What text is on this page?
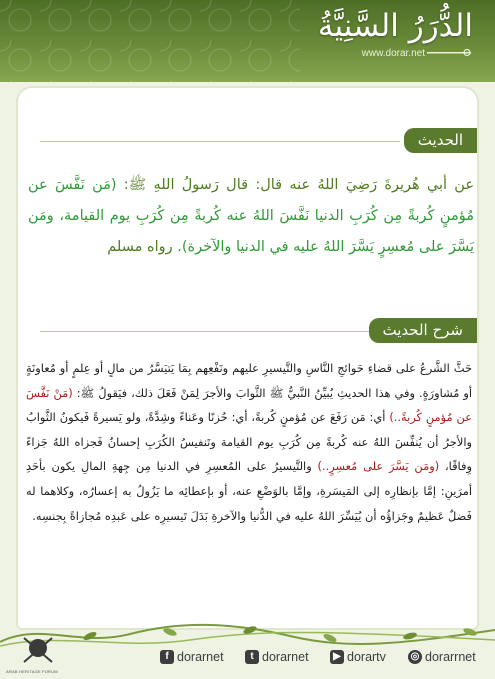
الدُّرَرُ السَّنِيَّةُ
www.dorar.net
الحديث
عن أبي هُريرةَ رَضِيَ اللهُ عنه قال: قال رَسولُ اللهِ ﷺ: (مَن نَفَّسَ عن مُؤمنٍ كُربةً مِن كُرَبِ الدنيا نَفَّسَ اللهُ عنه كُربةً مِن كُرَبِ يوم القيامة، ومَن يَسَّرَ على مُعسِرٍ يَسَّرَ اللهُ عليه في الدنيا والآخرة). رواه مسلم
شرح الحديث
حَثَّ الشَّرعُ على قضاءِ حَوائجِ النَّاسِ والتَّيسيرِ عليهم ونَفْعِهم بِمَا يَتيَسَّرُ من مالٍ أو عِلمٍ أو مُعاونَةٍ أو مُشاورَةٍ. وفي هذا الحديثِ يُبيِّنُ النَّبيُّ ﷺ الثَّوابَ والأجرَ لِمَنْ فَعَلَ ذلك، فيَقولُ ﷺ: (مَنْ نَفَّسَ عن مُؤمنٍ كُربةً..) أي: مَن رَفَعَ عن مُؤمنٍ كُربةً، أي: حُزنًا وعَناءً وشِدَّةً، ولو يَسيرةً فَيكونُ الثَّوابُ والأجرُ أن يُنفِّسَ اللهُ عنه كُربةً مِن كُرَبِ يوم القيامة وتَنفيسُ الكُرَبِ إحسانٌ فَجزاه اللهُ جَزاءً وِفاقًا، (ومَن يَسَّرَ على مُعسِرٍ..) والتَّيسيرُ على المُعسِرِ في الدنيا مِن جِهةِ المالِ يكون بأحَدِ أمرَينِ: إمَّا بإنظارِه إلى المَيسَرةِ، وإمَّا بالوَضْعِ عنه، أو بإعطائِه ما يَزُولُ به إعسارُه، وكلاهما له فَضلٌ عَظيمٌ وجَزاؤُه أن يُيَسِّرَ اللهُ عليه في الدُّنيا والآخرةِ بَدَلَ تَيسيرِه على عَبدِه مُجازاةً بِجنسِه.
ARAB HERITAGE FORUM
f dorarnet	t dorarnet	▶ dorartv ◎ dorarrnet
